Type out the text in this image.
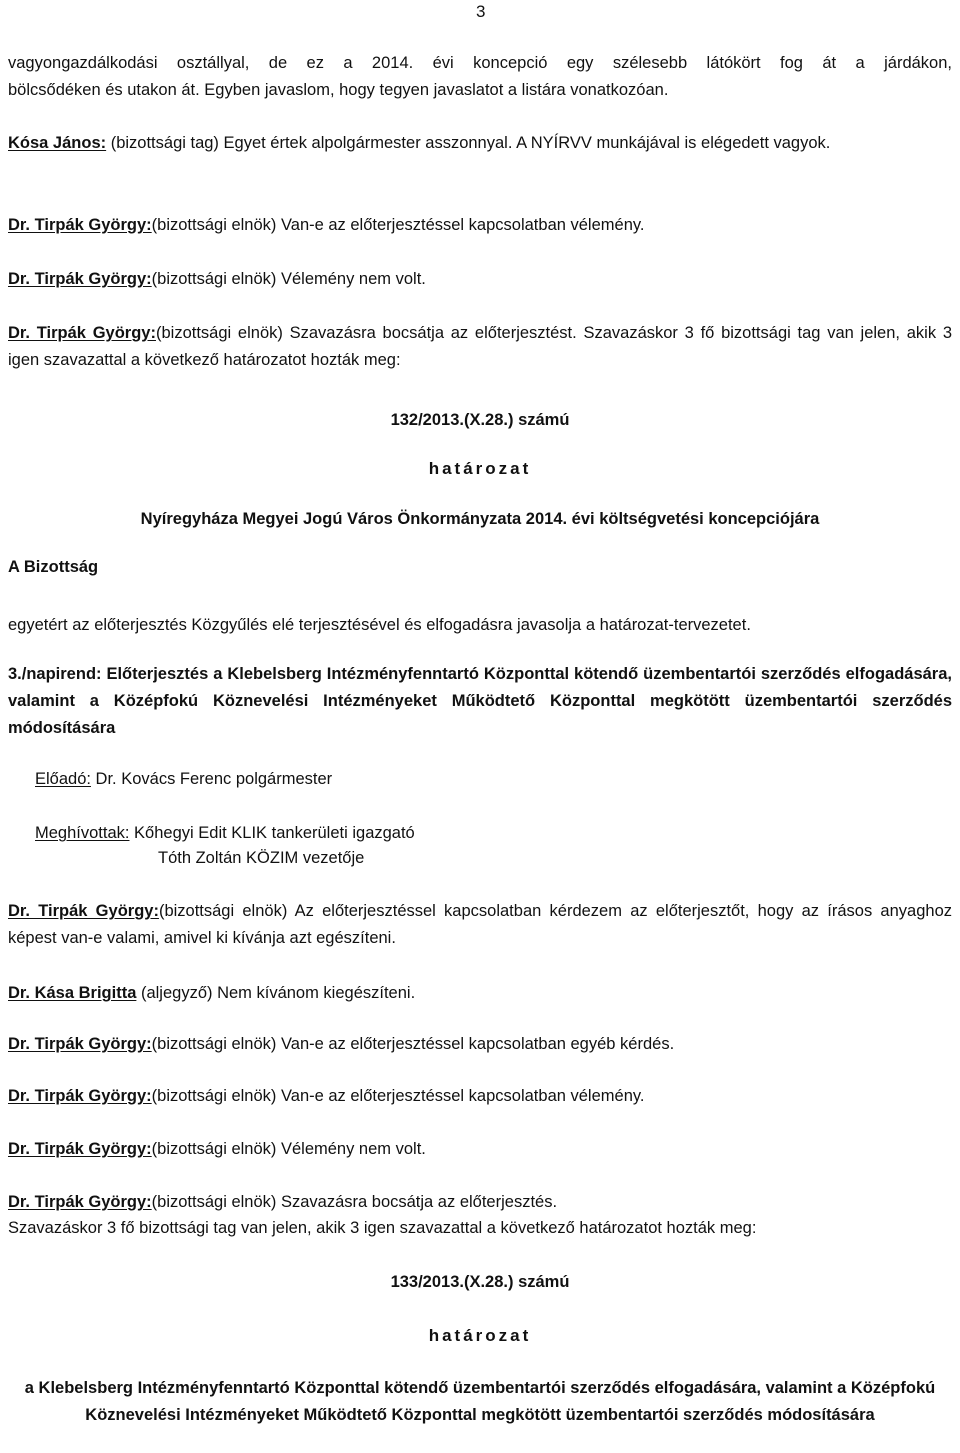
3
vagyongazdálkodási osztállyal, de ez a 2014. évi koncepció egy szélesebb látókört fog át a járdákon,
bölcsődéken és utakon át. Egyben javaslom, hogy tegyen javaslatot a listára vonatkozóan.
Kósa János: (bizottsági tag) Egyet értek alpolgármester asszonnyal. A NYÍRVV munkájával is elégedett vagyok.
Dr. Tirpák György:(bizottsági elnök) Van-e az előterjesztéssel kapcsolatban vélemény.
Dr. Tirpák György:(bizottsági elnök) Vélemény nem volt.
Dr. Tirpák György:(bizottsági elnök) Szavazásra bocsátja az előterjesztést. Szavazáskor 3 fő bizottsági tag van jelen, akik 3 igen szavazattal a következő határozatot hozták meg:
132/2013.(X.28.) számú
határozat
Nyíregyháza Megyei Jogú Város Önkormányzata 2014. évi költségvetési koncepciójára
A Bizottság
egyetért az előterjesztés Közgyűlés elé terjesztésével és elfogadásra javasolja a határozat-tervezetet.
3./napirend: Előterjesztés a Klebelsberg Intézményfenntartó Központtal kötendő üzembentartói szerződés elfogadására, valamint a Középfokú Köznevelési Intézményeket Működtető Központtal megkötött üzembentartói szerződés módosítására
Előadó: Dr. Kovács Ferenc polgármester
Meghívottak: Kőhegyi Edit KLIK tankerületi igazgató
Tóth Zoltán KÖZIM vezetője
Dr. Tirpák György:(bizottsági elnök) Az előterjesztéssel kapcsolatban kérdezem az előterjesztőt, hogy az írásos anyaghoz képest van-e valami, amivel ki kívánja azt egészíteni.
Dr. Kása Brigitta (aljegyző) Nem kívánom kiegészíteni.
Dr. Tirpák György:(bizottsági elnök) Van-e az előterjesztéssel kapcsolatban egyéb kérdés.
Dr. Tirpák György:(bizottsági elnök) Van-e az előterjesztéssel kapcsolatban vélemény.
Dr. Tirpák György:(bizottsági elnök) Vélemény nem volt.
Dr. Tirpák György:(bizottsági elnök) Szavazásra bocsátja az előterjesztés.
Szavazáskor 3 fő bizottsági tag van jelen, akik 3 igen szavazattal a következő határozatot hozták meg:
133/2013.(X.28.) számú
határozat
a Klebelsberg Intézményfenntartó Központtal kötendő üzembentartói szerződés elfogadására, valamint a Középfokú Köznevelési Intézményeket Működtető Központtal megkötött üzembentartói szerződés módosítására
